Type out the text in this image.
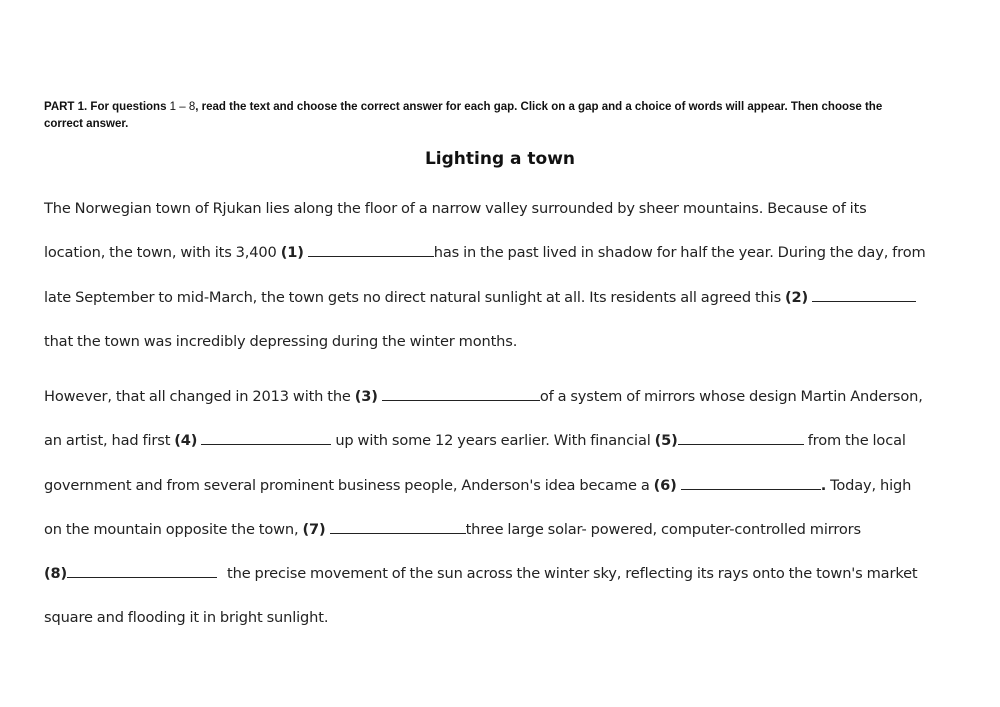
PART 1. For questions 1 – 8, read the text and choose the correct answer for each gap. Click on a gap and a choice of words will appear. Then choose the
correct answer.
Lighting a town
The Norwegian town of Rjukan lies along the floor of a narrow valley surrounded by sheer mountains. Because of its
location, the town, with its 3,400 (1)	has in the past lived in shadow for half the year. During the day, from
late September to mid-March, the town gets no direct natural sunlight at all. Its residents all agreed this (2)
that the town was incredibly depressing during the winter months.
However, that all changed in 2013 with the (3)	of a system of mirrors whose design Martin Anderson,
an artist, had first (4)	up with some 12 years earlier. With financial (5)	from the local
government and from several prominent business people, Anderson's idea became a (6)	. Today, high
on the mountain opposite the town, (7)	three large solar- powered, computer-controlled mirrors
(8)	the precise movement of the sun across the winter sky, reflecting its rays onto the town's market
square and flooding it in bright sunlight.
